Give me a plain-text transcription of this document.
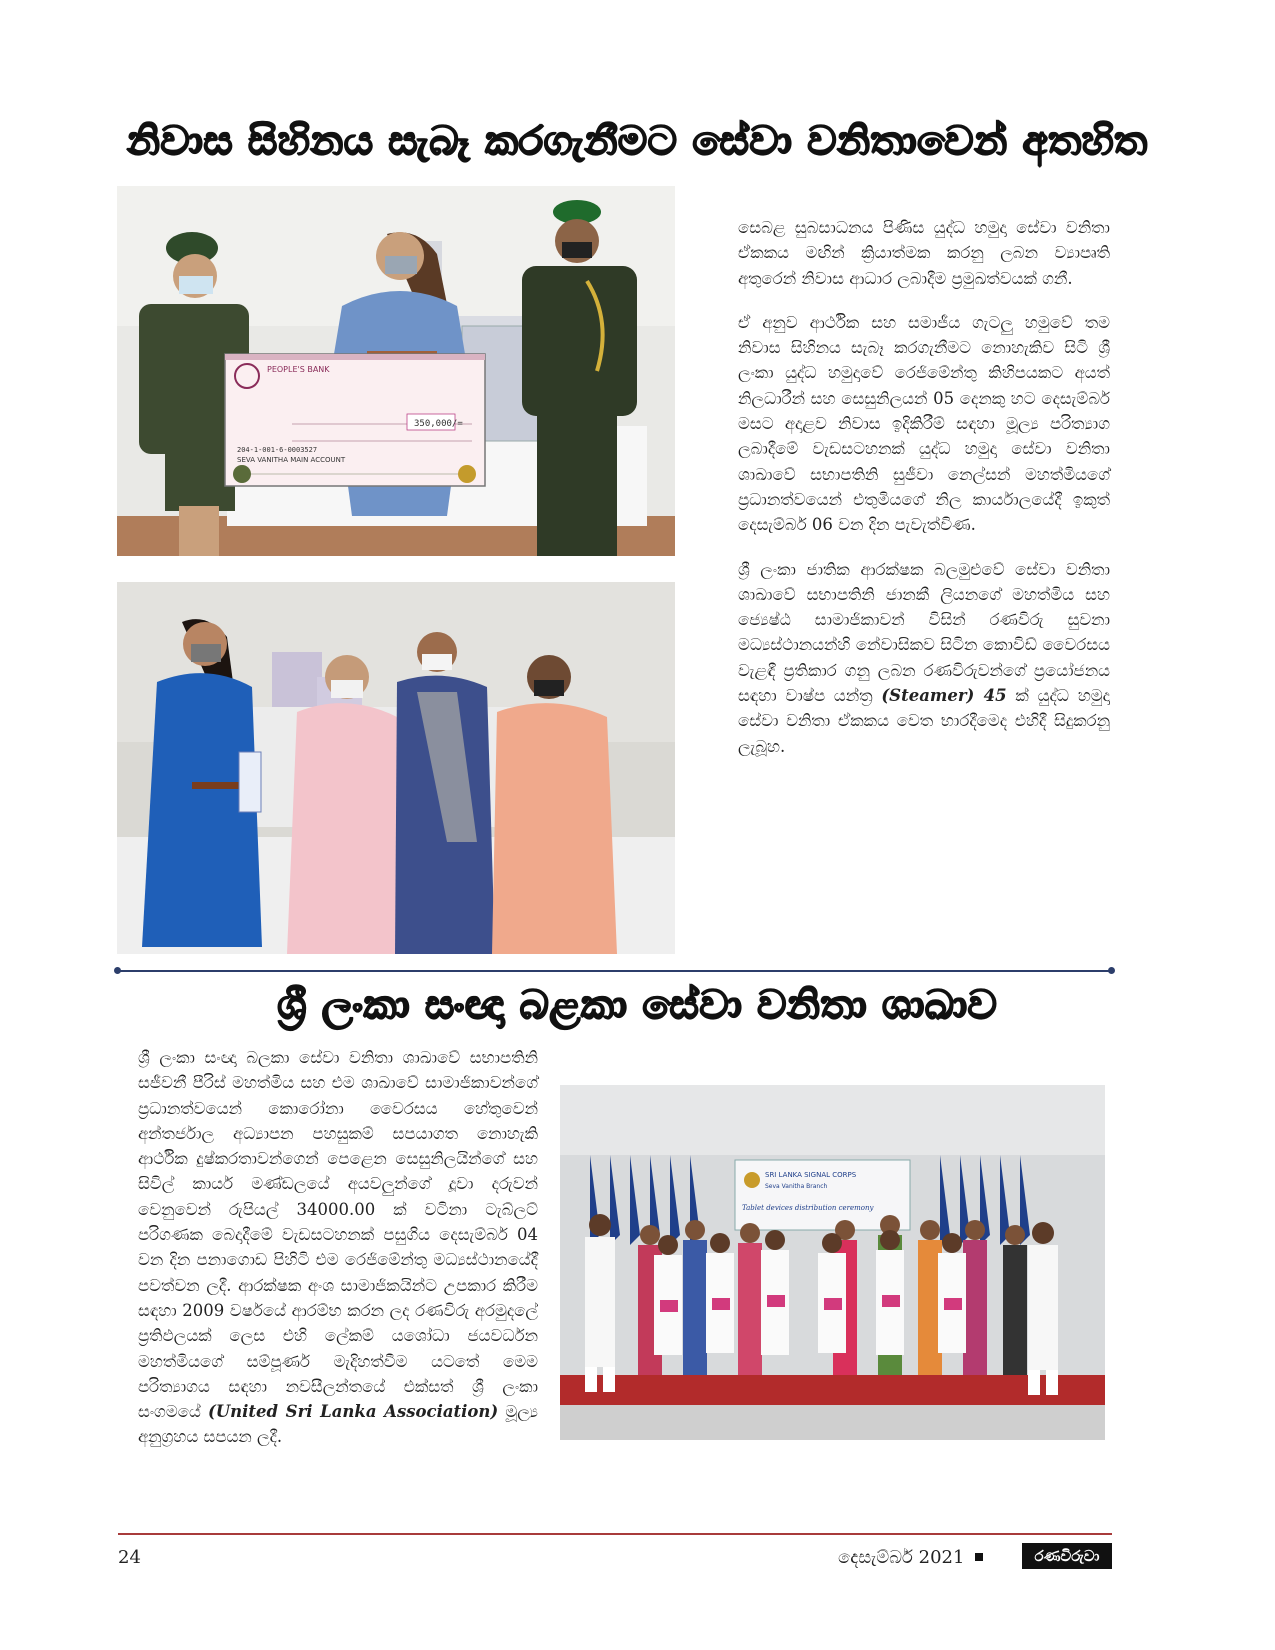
නිවාස සිහිනය සැබෑ කරගැනීමට සේවා වනිතාවෙන් අතහිත
PEOPLE'S BANK
350,000/=
204-1-001-6-0003527
SEVA VANITHA MAIN ACCOUNT

සෙබළ සුබසාධනය පිණිස යුද්ධ හමුදා සේවා වනිතා ඒකකය මඟින් ක්‍රියාත්මක කරනු ලබන ව්‍යාපෘති අතුරෙන් නිවාස ආධාර ලබාදීම ප්‍රමුඛත්වයක් ගනී.

ඒ අනුව ආර්ථික සහ සමාජීය ගැටලු හමුවේ තම නිවාස සිහිනය සැබෑ කරගැනීමට නොහැකිව සිටි ශ්‍රී ලංකා යුද්ධ හමුදාවේ රෙජිමේන්තු කිහිපයකට අයත් නිලධාරීන් සහ සෙසුනිලයන් 05 දෙනකු හට දෙසැම්බර් මසට අදාළව නිවාස ඉදිකිරීම් සඳහා මූල්‍ය පරිත්‍යාග ලබාදීමේ වැඩසටහනක් යුද්ධ හමුදා සේවා වනිතා ශාඛාවේ සභාපතිනි සුජීවා නෙල්සන් මහත්මියගේ ප්‍රධානත්වයෙන් එතුමියගේ නිල කාර්යාලයේදී ඉකුත් දෙසැම්බර් 06 වන දින පැවැත්විණ.

ශ්‍රී ලංකා ජාතික ආරක්ෂක බලමුළුවේ සේවා වනිතා ශාඛාවේ සභාපතිනි ජානකී ලියනගේ මහත්මිය සහ ජ්‍යෙෂ්ඨ සාමාජිකාවන් විසින් රණවිරු සුවනා මධ්‍යස්ථානයන්හි නේවාසිකව සිටින කොවිඩ් වෛරසය වැළඳී ප්‍රතිකාර ගනු ලබන රණවිරුවන්ගේ ප්‍රයෝජනය සඳහා වාෂ්ප යන්ත්‍ර (Steamer) 45 ක් යුද්ධ හමුදා සේවා වනිතා ඒකකය වෙත භාරදීමෙද එහිදී සිදුකරනු ලැබූහ.

ශ්‍රී ලංකා සංඥා බළකා සේවා වනිතා ශාඛාව

ශ්‍රී ලංකා සංඥා බලකා සේවා වනිතා ශාඛාවේ සභාපතිනි සජීවනී පීරිස් මහත්මිය සහ එම ශාඛාවේ සාමාජිකාවන්ගේ ප්‍රධානත්වයෙන් කොරෝනා වෛරසය හේතුවෙන් අන්තර්ජාල අධ්‍යාපන පහසුකම් සපයාගත නොහැකි ආර්ථික දුෂ්කරතාවන්ගෙන් පෙළෙන සෙසුනිලයින්ගේ සහ සිවිල් කාර්ය මණ්ඩලයේ අයවලුන්ගේ දූවා දරුවන් වෙනුවෙන් රුපියල් 34000.00 ක් වටිනා ටැබ්ලට් පරිගණක බෙදාදීමේ වැඩසටහනක් පසුගිය දෙසැම්බර් 04 වන දින පනාගොඩ පිහිටි එම රෙජිමේන්තු මධ්‍යස්ථානයේදී පවත්වන ලදී. ආරක්ෂක අංශ සාමාජිකයින්ට උපකාර කිරීම සඳහා 2009 වර්ෂයේ ආරම්භ කරන ලද රණවිරු අරමුදලේ ප්‍රතිඵලයක් ලෙස එහි ලේකම් යශෝධා ජයවර්ධන මහත්මියගේ සම්පූර්ණ මැදිහත්වීම යටතේ මෙම පරිත්‍යාගය සඳහා නවසීලන්තයේ එක්සත් ශ්‍රී ලංකා සංගමයේ (United Sri Lanka Association) මූල්‍ය අනුග්‍රහය සපයන ලදී.

SRI LANKA SIGNAL CORPS
Seva Vanitha Branch
Tablet devices distribution ceremony
24	දෙසැම්බර් 2021	රණවිරුවා
